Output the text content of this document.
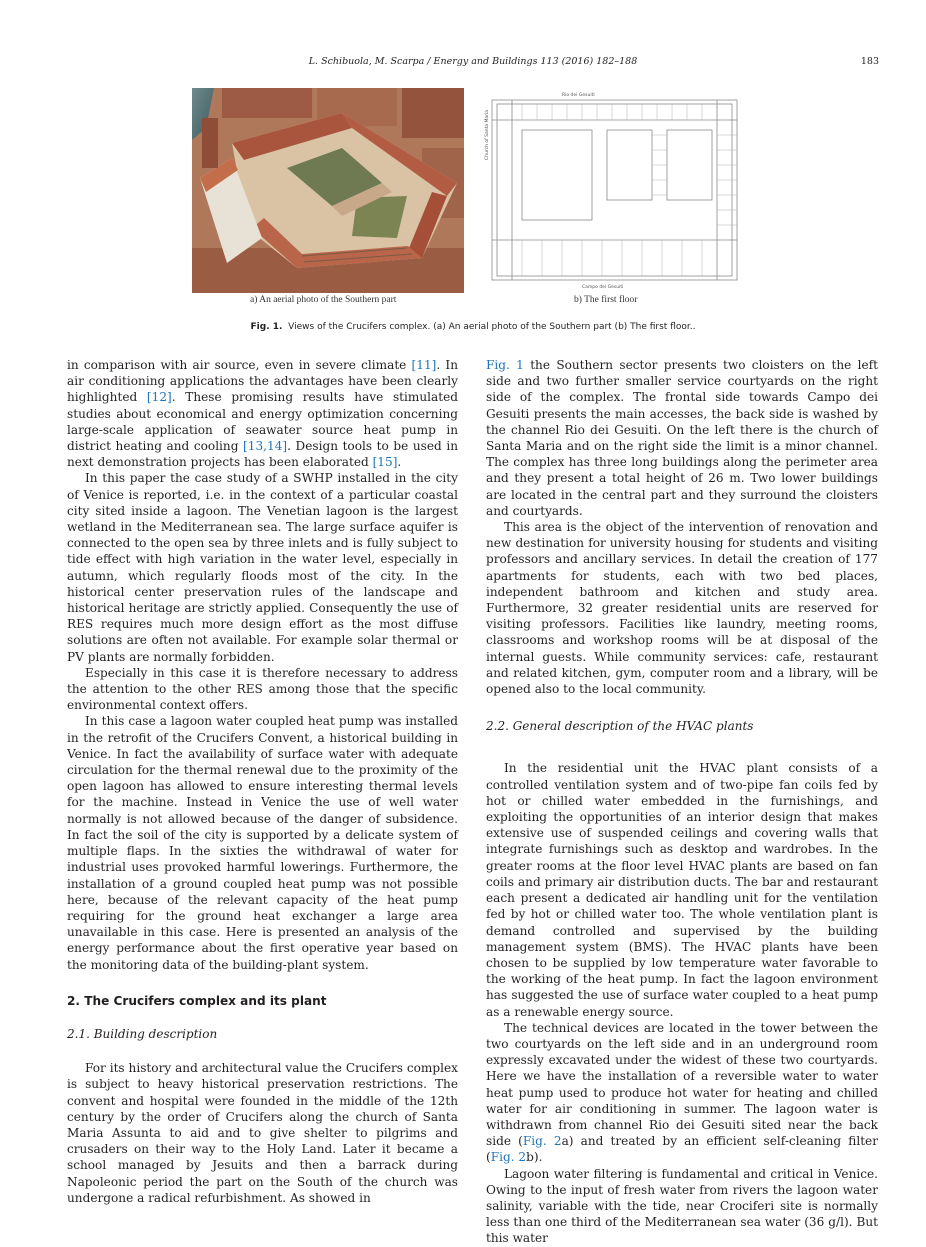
L. Schibuola, M. Scarpa / Energy and Buildings 113 (2016) 182–188	183
Rio dei Gesuiti
Church of Santa Maria
Campo dei Gesuiti
a) An aerial photo of the Southern part	b) The first floor
Fig. 1. Views of the Crucifers complex. (a) An aerial photo of the Southern part (b) The first floor..

in comparison with air source, even in severe climate [11]. In air conditioning applications the advantages have been clearly highlighted [12]. These promising results have stimulated studies about economical and energy optimization concerning large-scale application of seawater source heat pump in district heating and cooling [13,14]. Design tools to be used in next demonstration projects has been elaborated [15].

In this paper the case study of a SWHP installed in the city of Venice is reported, i.e. in the context of a particular coastal city sited inside a lagoon. The Venetian lagoon is the largest wetland in the Mediterranean sea. The large surface aquifer is connected to the open sea by three inlets and is fully subject to tide effect with high variation in the water level, especially in autumn, which regularly floods most of the city. In the historical center preservation rules of the landscape and historical heritage are strictly applied. Consequently the use of RES requires much more design effort as the most diffuse solutions are often not available. For example solar thermal or PV plants are normally forbidden.

Especially in this case it is therefore necessary to address the attention to the other RES among those that the specific environmental context offers.

In this case a lagoon water coupled heat pump was installed in the retrofit of the Crucifers Convent, a historical building in Venice. In fact the availability of surface water with adequate circulation for the thermal renewal due to the proximity of the open lagoon has allowed to ensure interesting thermal levels for the machine. Instead in Venice the use of well water normally is not allowed because of the danger of subsidence. In fact the soil of the city is supported by a delicate system of multiple flaps. In the sixties the withdrawal of water for industrial uses provoked harmful lowerings. Furthermore, the installation of a ground coupled heat pump was not possible here, because of the relevant capacity of the heat pump requiring for the ground heat exchanger a large area unavailable in this case. Here is presented an analysis of the energy performance about the first operative year based on the monitoring data of the building-plant system.

2. The Crucifers complex and its plant
2.1. Building description

For its history and architectural value the Crucifers complex is subject to heavy historical preservation restrictions. The convent and hospital were founded in the middle of the 12th century by the order of Crucifers along the church of Santa Maria Assunta to aid and to give shelter to pilgrims and crusaders on their way to the Holy Land. Later it became a school managed by Jesuits and then a barrack during Napoleonic period the part on the South of the church was undergone a radical refurbishment. As showed in

Fig. 1 the Southern sector presents two cloisters on the left side and two further smaller service courtyards on the right side of the complex. The frontal side towards Campo dei Gesuiti presents the main accesses, the back side is washed by the channel Rio dei Gesuiti. On the left there is the church of Santa Maria and on the right side the limit is a minor channel. The complex has three long buildings along the perimeter area and they present a total height of 26 m. Two lower buildings are located in the central part and they surround the cloisters and courtyards.

This area is the object of the intervention of renovation and new destination for university housing for students and visiting professors and ancillary services. In detail the creation of 177 apartments for students, each with two bed places, independent bathroom and kitchen and study area. Furthermore, 32 greater residential units are reserved for visiting professors. Facilities like laundry, meeting rooms, classrooms and workshop rooms will be at disposal of the internal guests. While community services: cafe, restaurant and related kitchen, gym, computer room and a library, will be opened also to the local community.

2.2. General description of the HVAC plants

In the residential unit the HVAC plant consists of a controlled ventilation system and of two-pipe fan coils fed by hot or chilled water embedded in the furnishings, and exploiting the opportunities of an interior design that makes extensive use of suspended ceilings and covering walls that integrate furnishings such as desktop and wardrobes. In the greater rooms at the floor level HVAC plants are based on fan coils and primary air distribution ducts. The bar and restaurant each present a dedicated air handling unit for the ventilation fed by hot or chilled water too. The whole ventilation plant is demand controlled and supervised by the building management system (BMS). The HVAC plants have been chosen to be supplied by low temperature water favorable to the working of the heat pump. In fact the lagoon environment has suggested the use of surface water coupled to a heat pump as a renewable energy source.

The technical devices are located in the tower between the two courtyards on the left side and in an underground room expressly excavated under the widest of these two courtyards. Here we have the installation of a reversible water to water heat pump used to produce hot water for heating and chilled water for air conditioning in summer. The lagoon water is withdrawn from channel Rio dei Gesuiti sited near the back side (Fig. 2a) and treated by an efficient self-cleaning filter (Fig. 2b).

Lagoon water filtering is fundamental and critical in Venice. Owing to the input of fresh water from rivers the lagoon water salinity, variable with the tide, near Crociferi site is normally less than one third of the Mediterranean sea water (36 g/l). But this water
